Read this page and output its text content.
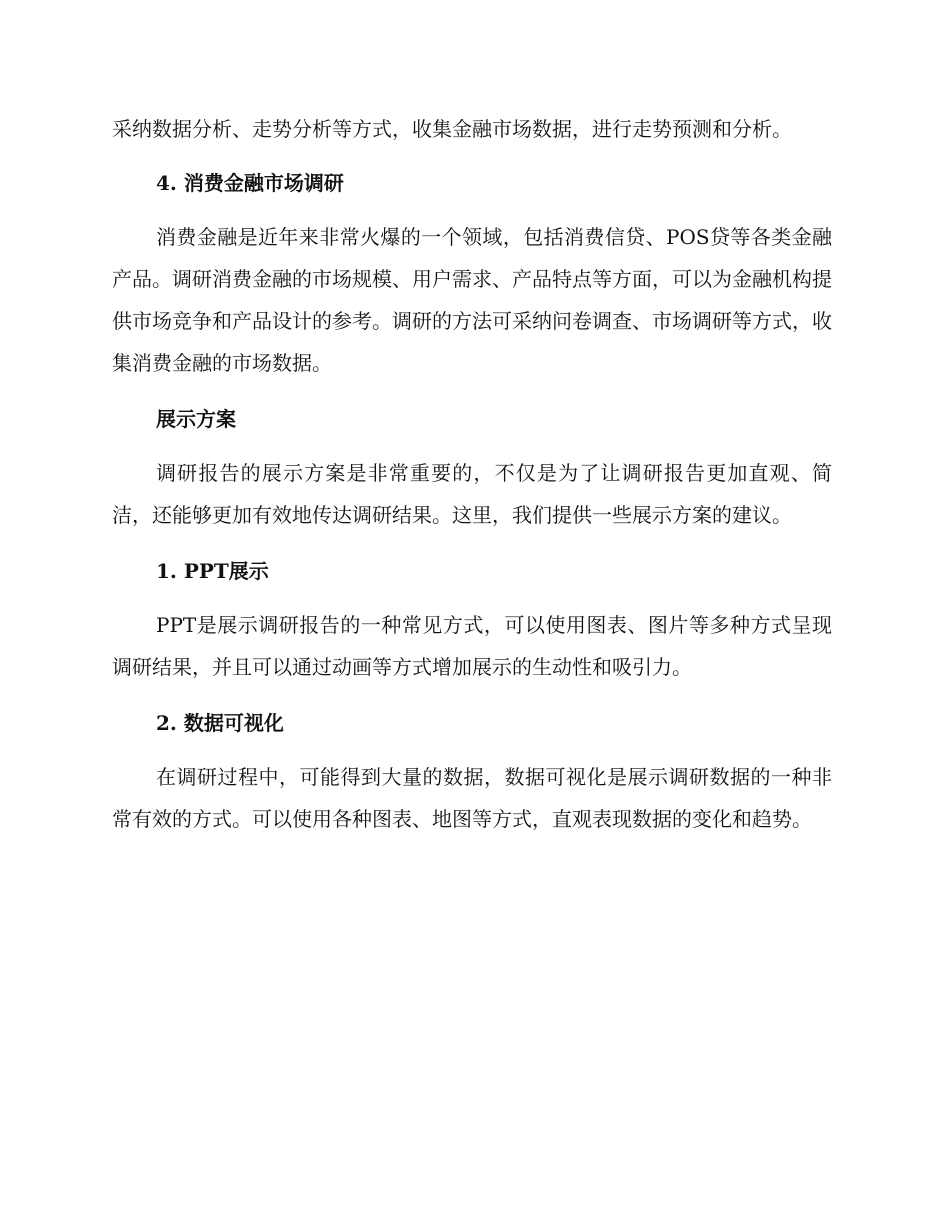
采纳数据分析、走势分析等方式，收集金融市场数据，进行走势预测和分析。

4. 消费金融市场调研

消费金融是近年来非常火爆的一个领域，包括消费信贷、POS贷等各类金融产品。调研消费金融的市场规模、用户需求、产品特点等方面，可以为金融机构提供市场竞争和产品设计的参考。调研的方法可采纳问卷调查、市场调研等方式，收集消费金融的市场数据。

展示方案

调研报告的展示方案是非常重要的，不仅是为了让调研报告更加直观、简洁，还能够更加有效地传达调研结果。这里，我们提供一些展示方案的建议。

1. PPT展示

PPT是展示调研报告的一种常见方式，可以使用图表、图片等多种方式呈现调研结果，并且可以通过动画等方式增加展示的生动性和吸引力。

2. 数据可视化

在调研过程中，可能得到大量的数据，数据可视化是展示调研数据的一种非常有效的方式。可以使用各种图表、地图等方式，直观表现数据的变化和趋势。
